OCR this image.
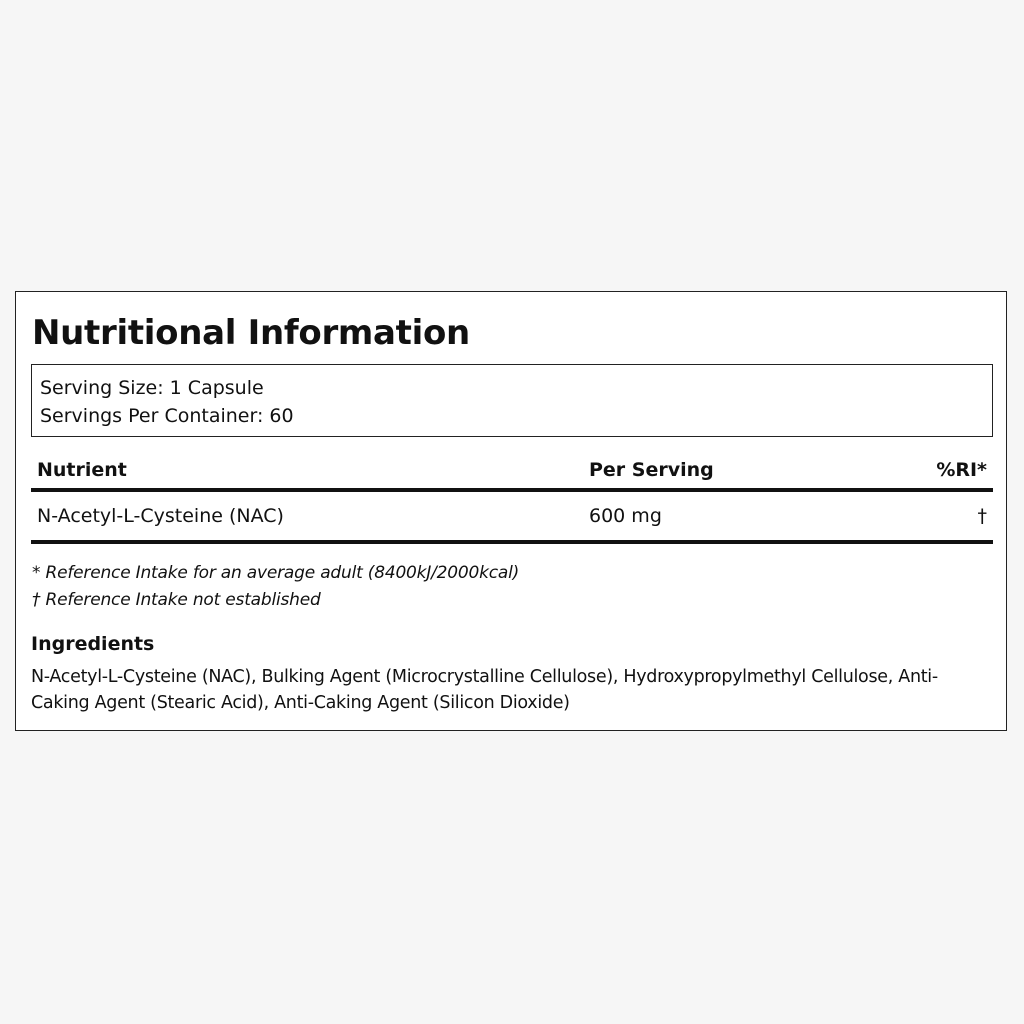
Nutritional Information
Serving Size: 1 Capsule
Servings Per Container: 60
Nutrient	Per Serving	%RI*
N-Acetyl-L-Cysteine (NAC)	600 mg	†
* Reference Intake for an average adult (8400kJ/2000kcal)
† Reference Intake not established
Ingredients

N-Acetyl-L-Cysteine (NAC), Bulking Agent (Microcrystalline Cellulose), Hydroxypropylmethyl Cellulose, Anti-Caking Agent (Stearic Acid), Anti-Caking Agent (Silicon Dioxide)
